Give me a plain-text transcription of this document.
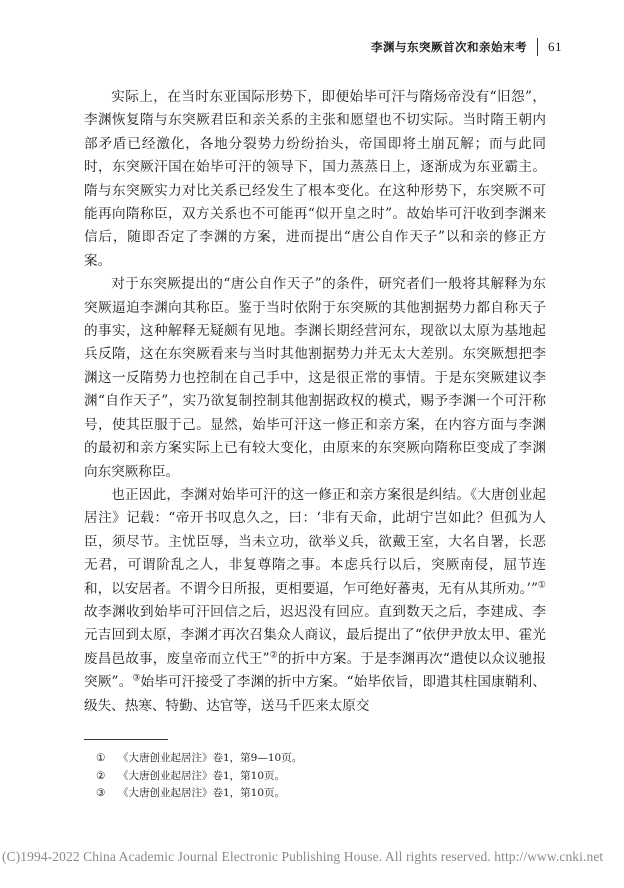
李渊与东突厥首次和亲始末考 61

实际上，在当时东亚国际形势下，即便始毕可汗与隋炀帝没有“旧怨”，李渊恢复隋与东突厥君臣和亲关系的主张和愿望也不切实际。当时隋王朝内部矛盾已经激化，各地分裂势力纷纷抬头，帝国即将土崩瓦解；而与此同时，东突厥汗国在始毕可汗的领导下，国力蒸蒸日上，逐渐成为东亚霸主。隋与东突厥实力对比关系已经发生了根本变化。在这种形势下，东突厥不可能再向隋称臣，双方关系也不可能再“似开皇之时”。故始毕可汗收到李渊来信后，随即否定了李渊的方案，进而提出“唐公自作天子”以和亲的修正方案。

对于东突厥提出的“唐公自作天子”的条件，研究者们一般将其解释为东突厥逼迫李渊向其称臣。鉴于当时依附于东突厥的其他割据势力都自称天子的事实，这种解释无疑颇有见地。李渊长期经营河东，现欲以太原为基地起兵反隋，这在东突厥看来与当时其他割据势力并无太大差别。东突厥想把李渊这一反隋势力也控制在自己手中，这是很正常的事情。于是东突厥建议李渊“自作天子”，实乃欲复制控制其他割据政权的模式，赐予李渊一个可汗称号，使其臣服于己。显然，始毕可汗这一修正和亲方案，在内容方面与李渊的最初和亲方案实际上已有较大变化，由原来的东突厥向隋称臣变成了李渊向东突厥称臣。

也正因此，李渊对始毕可汗的这一修正和亲方案很是纠结。《大唐创业起居注》记载：“帝开书叹息久之，曰：‘非有天命，此胡宁岂如此？但孤为人臣，须尽节。主忧臣辱，当未立功，欲举义兵，欲戴王室，大名自署，长恶无君，可谓阶乱之人，非复尊隋之事。本虑兵行以后，突厥南侵，屈节连和，以安居者。不谓今日所报，更相要逼，乍可绝好蕃夷，无有从其所劝。’”①故李渊收到始毕可汗回信之后，迟迟没有回应。直到数天之后，李建成、李元吉回到太原，李渊才再次召集众人商议，最后提出了“依伊尹放太甲、霍光废昌邑故事，废皇帝而立代王”②的折中方案。于是李渊再次“遣使以众议驰报突厥”。③始毕可汗接受了李渊的折中方案。“始毕依旨，即遣其柱国康鞘利、级失、热寒、特勤、达官等，送马千匹来太原交

①	《大唐创业起居注》卷1，第9—10页。
②	《大唐创业起居注》卷1，第10页。
③	《大唐创业起居注》卷1，第10页。
(C)1994-2022 China Academic Journal Electronic Publishing House. All rights reserved. http://www.cnki.net
